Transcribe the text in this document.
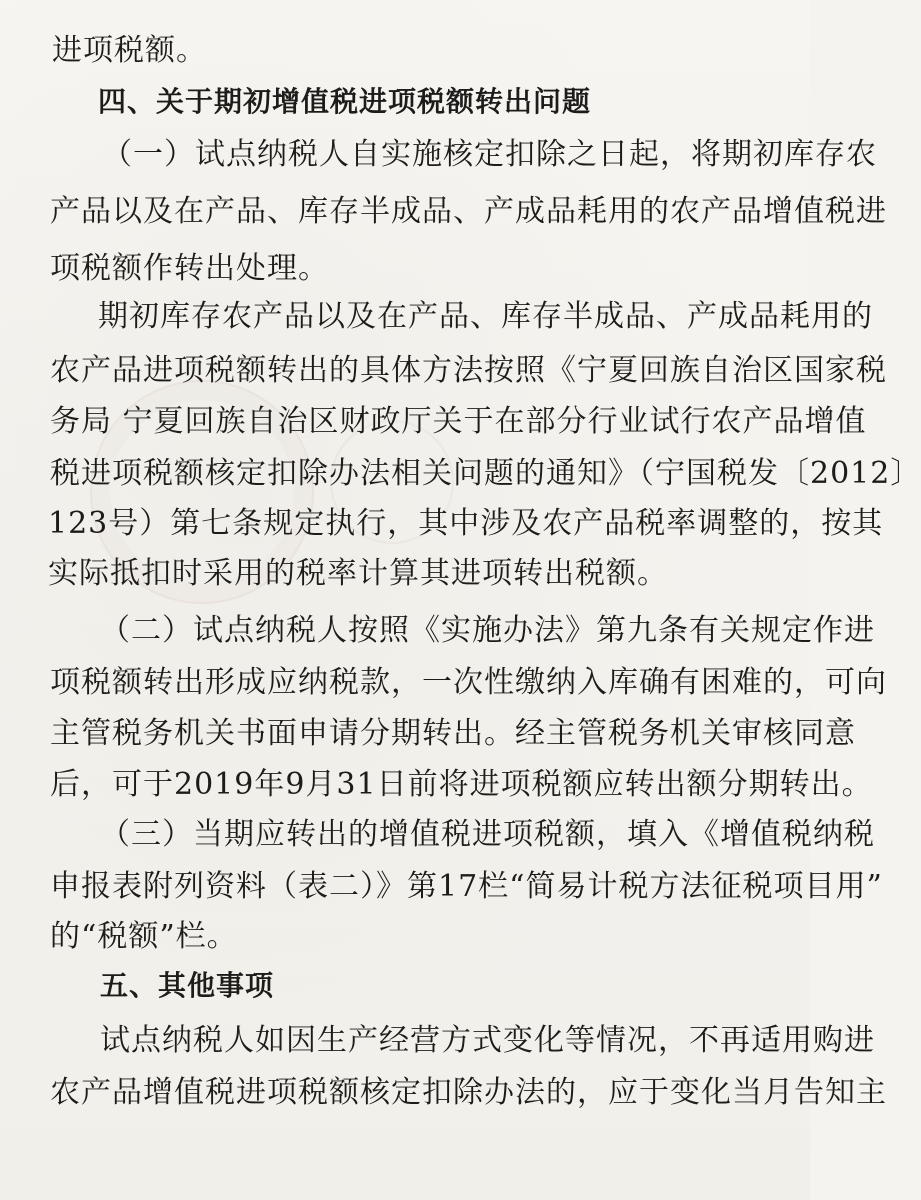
进项税额。
四、关于期初增值税进项税额转出问题
（一）试点纳税人自实施核定扣除之日起，将期初库存农
产品以及在产品、库存半成品、产成品耗用的农产品增值税进
项税额作转出处理。
期初库存农产品以及在产品、库存半成品、产成品耗用的
农产品进项税额转出的具体方法按照《宁夏回族自治区国家税
务局 宁夏回族自治区财政厅关于在部分行业试行农产品增值
税进项税额核定扣除办法相关问题的通知》（宁国税发〔2012〕
123号）第七条规定执行，其中涉及农产品税率调整的，按其
实际抵扣时采用的税率计算其进项转出税额。
（二）试点纳税人按照《实施办法》第九条有关规定作进
项税额转出形成应纳税款，一次性缴纳入库确有困难的，可向
主管税务机关书面申请分期转出。经主管税务机关审核同意
后，可于2019年9月31日前将进项税额应转出额分期转出。
（三）当期应转出的增值税进项税额，填入《增值税纳税
申报表附列资料（表二）》第17栏“简易计税方法征税项目用”
的“税额”栏。
五、其他事项
试点纳税人如因生产经营方式变化等情况，不再适用购进
农产品增值税进项税额核定扣除办法的，应于变化当月告知主
